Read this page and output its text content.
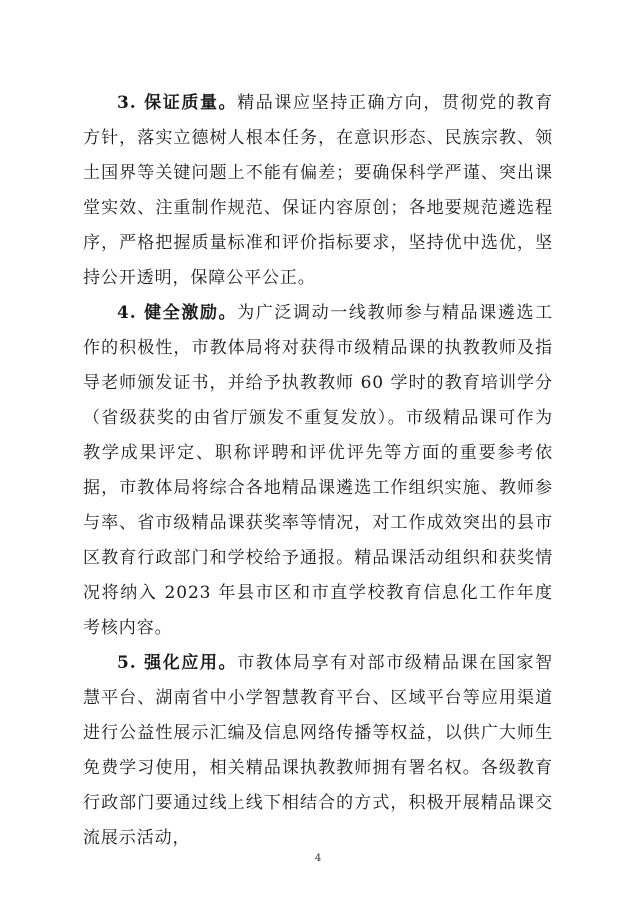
3. 保证质量。精品课应坚持正确方向，贯彻党的教育方针，落实立德树人根本任务，在意识形态、民族宗教、领土国界等关键问题上不能有偏差；要确保科学严谨、突出课堂实效、注重制作规范、保证内容原创；各地要规范遴选程序，严格把握质量标准和评价指标要求，坚持优中选优，坚持公开透明，保障公平公正。

4. 健全激励。为广泛调动一线教师参与精品课遴选工作的积极性，市教体局将对获得市级精品课的执教教师及指导老师颁发证书，并给予执教教师 60 学时的教育培训学分（省级获奖的由省厅颁发不重复发放）。市级精品课可作为教学成果评定、职称评聘和评优评先等方面的重要参考依据，市教体局将综合各地精品课遴选工作组织实施、教师参与率、省市级精品课获奖率等情况，对工作成效突出的县市区教育行政部门和学校给予通报。精品课活动组织和获奖情况将纳入 2023 年县市区和市直学校教育信息化工作年度考核内容。

5. 强化应用。市教体局享有对部市级精品课在国家智慧平台、湖南省中小学智慧教育平台、区域平台等应用渠道进行公益性展示汇编及信息网络传播等权益，以供广大师生免费学习使用，相关精品课执教教师拥有署名权。各级教育行政部门要通过线上线下相结合的方式，积极开展精品课交流展示活动，

4
